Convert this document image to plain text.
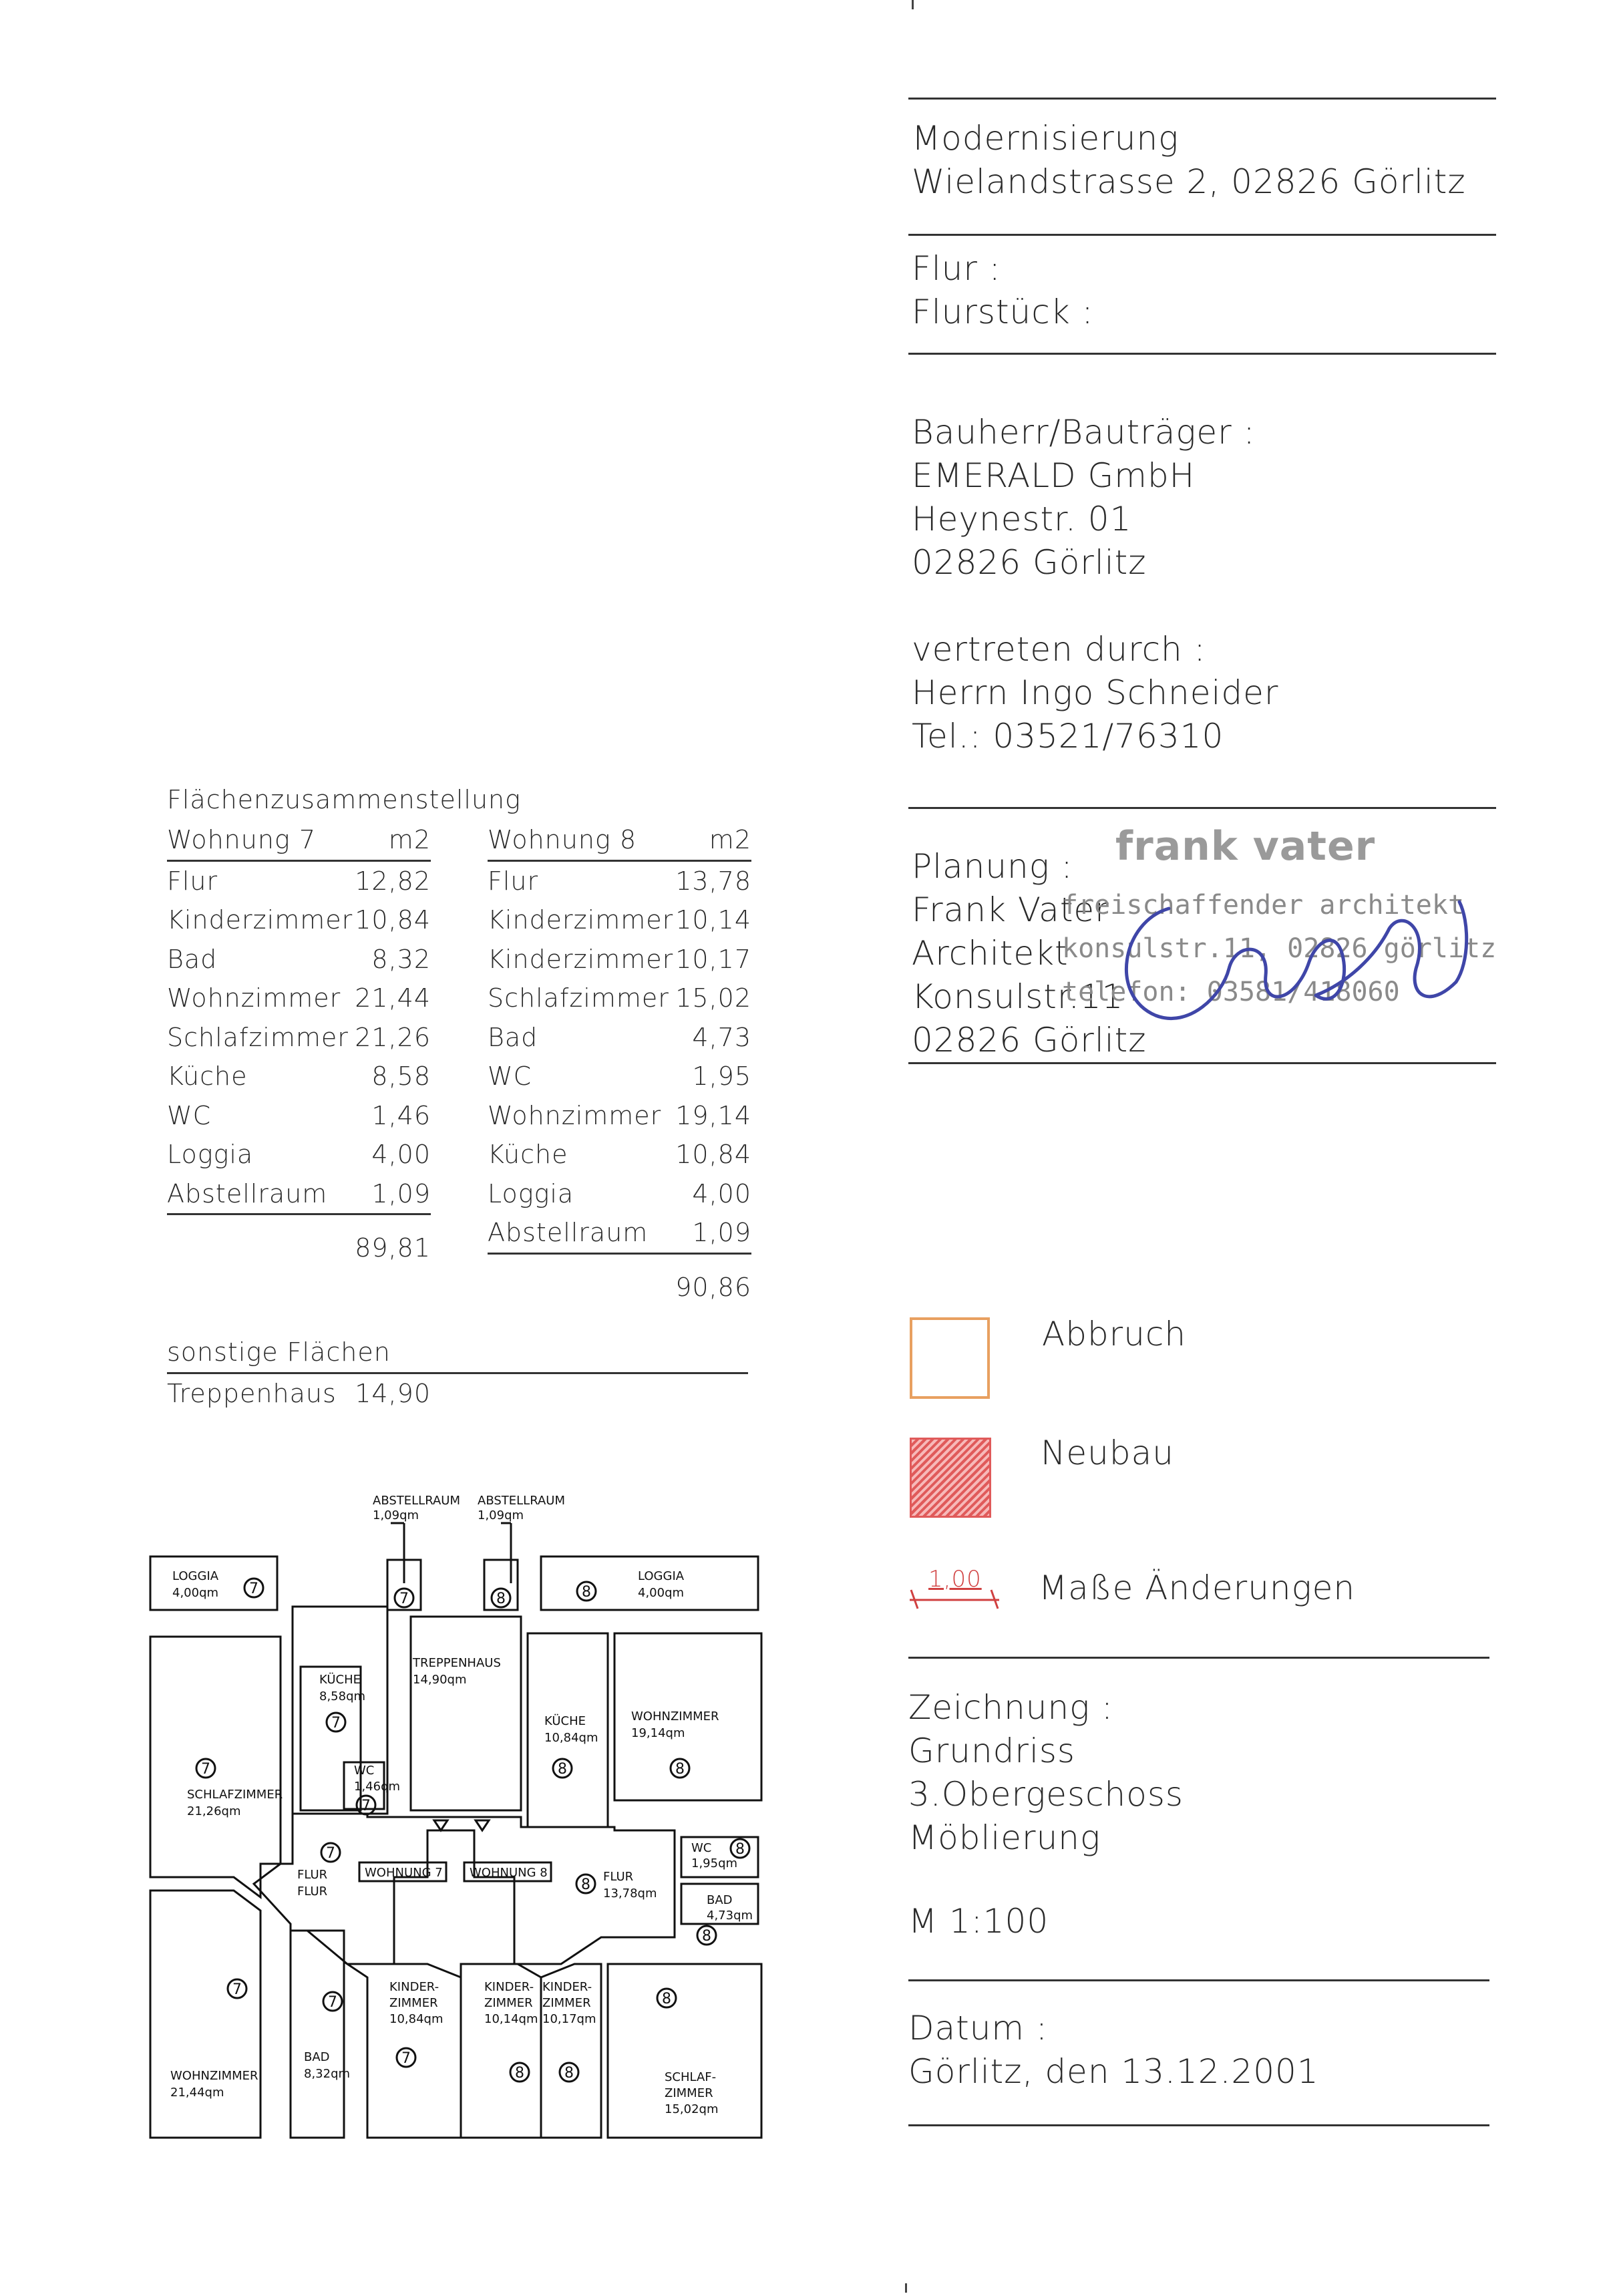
Modernisierung
Wielandstrasse 2, 02826 Görlitz
Flur :
Flurstück :
Bauherr/Bauträger :
EMERALD GmbH
Heynestr. 01
02826 Görlitz
vertreten durch :
Herrn Ingo Schneider
Tel.: 03521/76310
Planung :
Frank Vater
Architekt
Konsulstr.11
02826 Görlitz
frank vater
freischaffender architekt
konsulstr.11, 02826 görlitz
telefon: 03581/418060
Abbruch
Neubau
1,00 Maße Änderungen
Zeichnung :
Grundriss
3.Obergeschoss
Möblierung
M 1:100
Datum :
Görlitz, den 13.12.2001
Flächenzusammenstellung
Wohnung 7	m2
Flur	12,82
Kinderzimmer 10,84
Bad	8,32
Wohnzimmer 21,44
Schlafzimmer 21,26
Küche	8,58
WC	1,46
Loggia	4,00
Abstellraum 1,09
89,81
Wohnung 8	m2
Flur	13,78
Kinderzimmer 10,14
Kinderzimmer 10,17
Schlafzimmer 15,02
Bad	4,73
WC	1,95
Wohnzimmer 19,14
Küche	10,84
Loggia	4,00
Abstellraum 1,09
90,86
sonstige Flächen
Treppenhaus 14,90
ABSTELLRAUM
1,09qm
ABSTELLRAUM
1,09qm
LOGGIA
4,00qm
LOGGIA
4,00qm
KÜCHE
8,58qm
TREPPENHAUS
14,90qm
KÜCHE
10,84qm
WOHNZIMMER
19,14qm
SCHLAFZIMMER
21,26qm
WC
1,46qm
WC
1,95qm
FLUR
FLUR
WOHNUNG 7 WOHNUNG 8	FLUR
13,78qm	BAD
4,73qm
WOHNZIMMER
21,44qm
BAD
8,32qm
KINDER-
ZIMMER
10,84qm
KINDER-
ZIMMER
10,14qm
KINDER-
ZIMMER
10,17qm
SCHLAF-
ZIMMER
15,02qm
7
7	8	8
7
8	8
7
7
7	8
8
8
7
7
7
8	8
8
